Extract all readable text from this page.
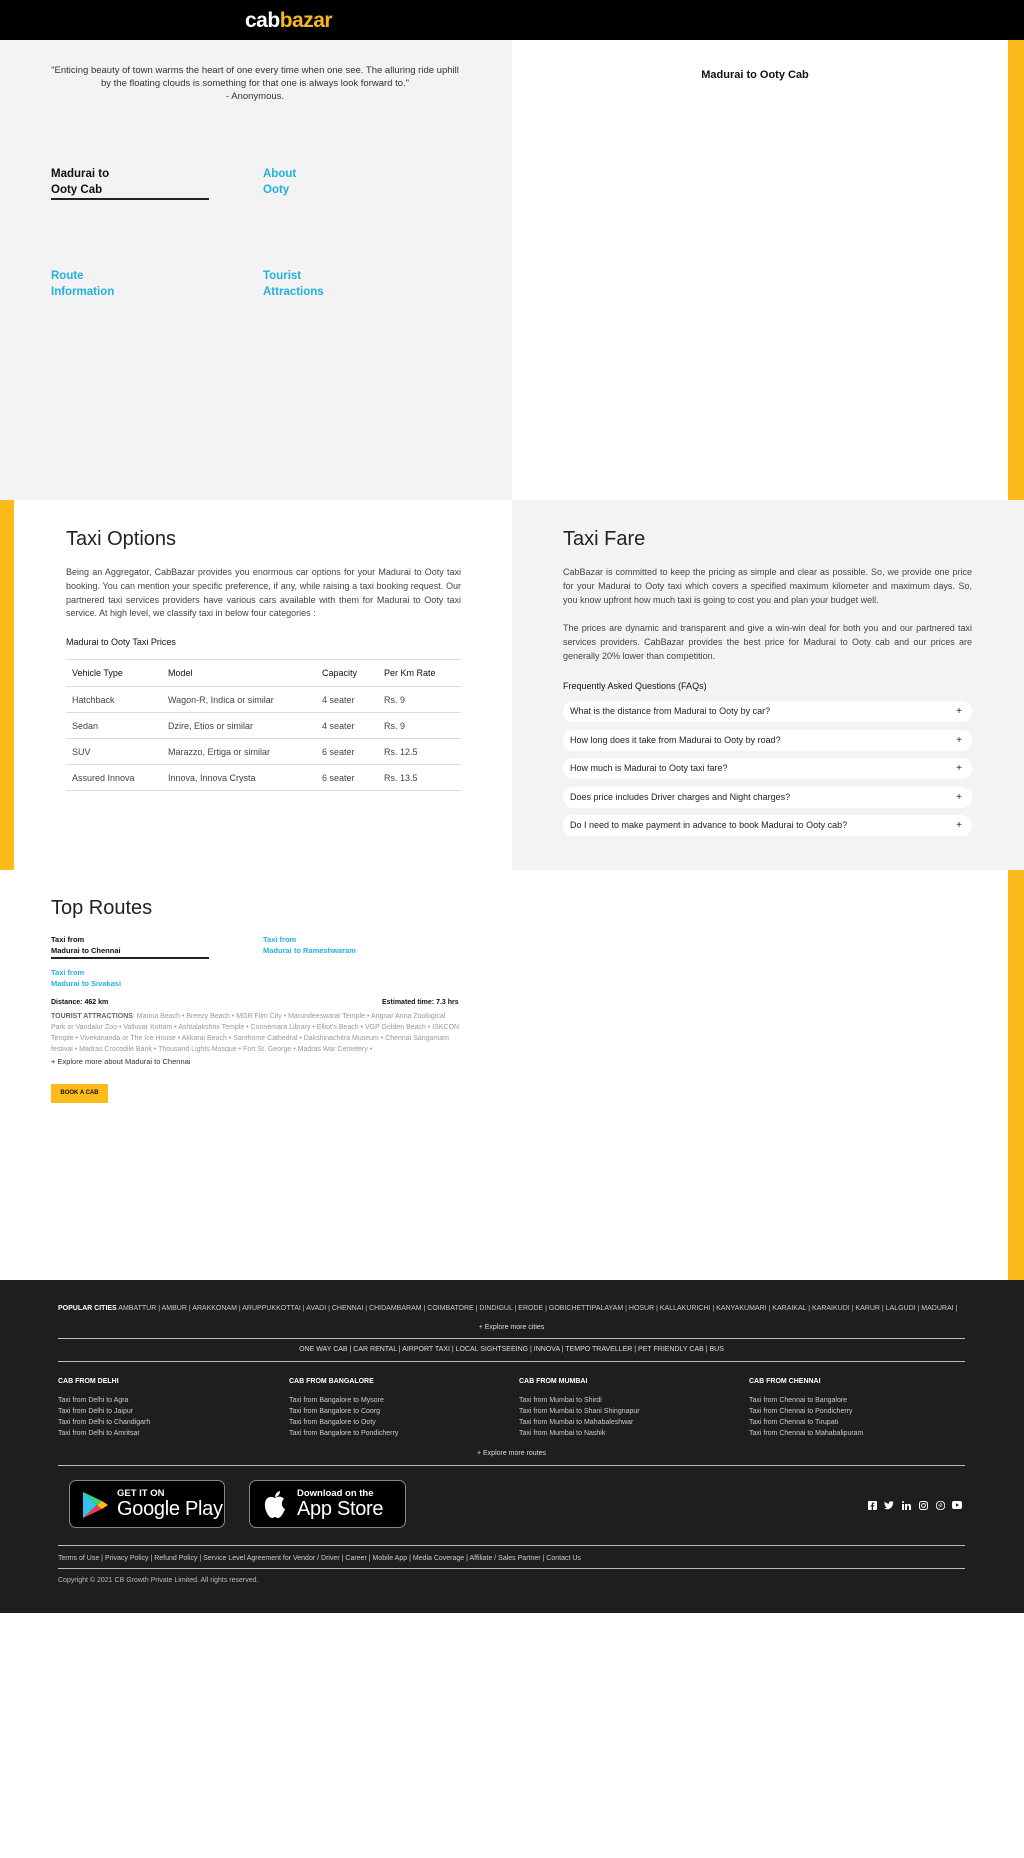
cabbazar
"Enticing beauty of town warms the heart of one every time when one see. The alluring ride uphill by the floating clouds is something for that one is always look forward to."
- Anonymous.
Madurai to
Ooty Cab
About
Ooty
Route
Information
Tourist
Attractions
Madurai to Ooty Cab
Taxi Options
Being an Aggregator, CabBazar provides you enormous car options for your Madurai to Ooty taxi booking. You can mention your specific preference, if any, while raising a taxi booking request. Our partnered taxi services providers have various cars available with them for Madurai to Ooty taxi service. At high level, we classify taxi in below four categories :
Madurai to Ooty Taxi Prices
Vehicle Type	Model	Capacity	Per Km Rate
Hatchback	Wagon-R, Indica or similar	4 seater	Rs. 9
Sedan	Dzire, Etios or similar	4 seater	Rs. 9
SUV	Marazzo, Ertiga or similar	6 seater	Rs. 12.5
Assured Innova	Innova, Innova Crysta	6 seater	Rs. 13.5
Taxi Fare
CabBazar is committed to keep the pricing as simple and clear as possible. So, we provide one price for your Madurai to Ooty taxi which covers a specified maximum kilometer and maximum days. So, you know upfront how much taxi is going to cost you and plan your budget well.
The prices are dynamic and transparent and give a win-win deal for both you and our partnered taxi services providers. CabBazar provides the best price for Madurai to Ooty cab and our prices are generally 20% lower than competition.
Frequently Asked Questions (FAQs)
What is the distance from Madurai to Ooty by car?	+
How long does it take from Madurai to Ooty by road?	+
How much is Madurai to Ooty taxi fare?	+
Does price includes Driver charges and Night charges?	+
Do I need to make payment in advance to book Madurai to Ooty cab?	+
Top Routes
Taxi from
Madurai to Chennai
Taxi from
Madurai to Rameshwaram
Taxi from
Madurai to Sivakasi
Distance: 462 km	Estimated time: 7.3 hrs
TOURIST ATTRACTIONS: Marina Beach • Breezy Beach • MGR Film City • Marundeeswarar Temple • Arignar Anna Zoological Park or Vandalur Zoo • Valluvar Kottam • Ashtalakshmi Temple • Connemara Library • Elliot's Beach • VGP Golden Beach • ISKCON Temple • Vivekananda or The Ice House • Akkarai Beach • Santhome Cathedral • Dakshinachitra Museum • Chennai Sangamam festival • Madras Crocodile Bank • Thousand Lights Mosque • Fort St. George • Madras War Cemetery •
+ Explore more about Madurai to Chennai
BOOK A CAB
POPULAR CITIES AMBATTUR | AMBUR | ARAKKONAM | ARUPPUKKOTTAI | AVADI | CHENNAI | CHIDAMBARAM | COIMBATORE | DINDIGUL | ERODE | GOBICHETTIPALAYAM | HOSUR | KALLAKURICHI | KANYAKUMARI | KARAIKAL | KARAIKUDI | KARUR | LALGUDI | MADURAI |
+ Explore more cities
ONE WAY CAB | CAR RENTAL | AIRPORT TAXI | LOCAL SIGHTSEEING | INNOVA | TEMPO TRAVELLER | PET FRIENDLY CAB | BUS
CAB FROM DELHI
Taxi from Delhi to Agra
Taxi from Delhi to Jaipur
Taxi from Delhi to Chandigarh
Taxi from Delhi to Amritsar
CAB FROM BANGALORE
Taxi from Bangalore to Mysore
Taxi from Bangalore to Coorg
Taxi from Bangalore to Ooty
Taxi from Bangalore to Pondicherry
CAB FROM MUMBAI
Taxi from Mumbai to Shirdi
Taxi from Mumbai to Shani Shingnapur
Taxi from Mumbai to Mahabaleshwar
Taxi from Mumbai to Nashik
CAB FROM CHENNAI
Taxi from Chennai to Bangalore
Taxi from Chennai to Pondicherry
Taxi from Chennai to Tirupati
Taxi from Chennai to Mahabalipuram
+ Explore more routes
GET IT ON
Google Play
Download on the
App Store
Terms of Use | Privacy Policy | Refund Policy | Service Level Agreement for Vendor / Driver | Career | Mobile App | Media Coverage | Affiliate / Sales Partner | Contact Us
Copyright © 2021 CB Growth Private Limited. All rights reserved.
